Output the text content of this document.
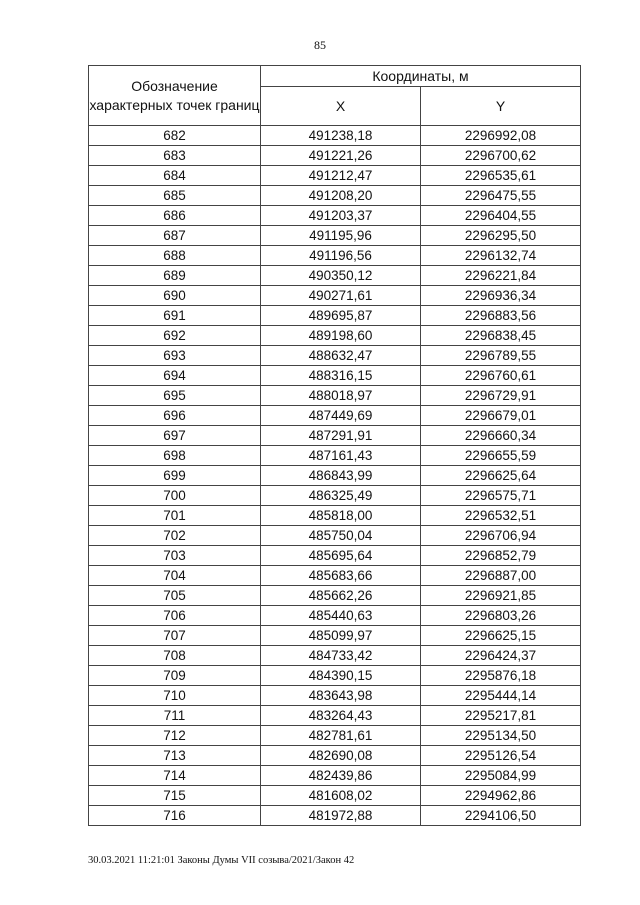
85
Обозначение характерных точек границ	Координаты, м	
	X	Y
682	491238,18	2296992,08
683	491221,26	2296700,62
684	491212,47	2296535,61
685	491208,20	2296475,55
686	491203,37	2296404,55
687	491195,96	2296295,50
688	491196,56	2296132,74
689	490350,12	2296221,84
690	490271,61	2296936,34
691	489695,87	2296883,56
692	489198,60	2296838,45
693	488632,47	2296789,55
694	488316,15	2296760,61
695	488018,97	2296729,91
696	487449,69	2296679,01
697	487291,91	2296660,34
698	487161,43	2296655,59
699	486843,99	2296625,64
700	486325,49	2296575,71
701	485818,00	2296532,51
702	485750,04	2296706,94
703	485695,64	2296852,79
704	485683,66	2296887,00
705	485662,26	2296921,85
706	485440,63	2296803,26
707	485099,97	2296625,15
708	484733,42	2296424,37
709	484390,15	2295876,18
710	483643,98	2295444,14
711	483264,43	2295217,81
712	482781,61	2295134,50
713	482690,08	2295126,54
714	482439,86	2295084,99
715	481608,02	2294962,86
716	481972,88	2294106,50
30.03.2021 11:21:01 Законы Думы VII созыва/2021/Закон 42
